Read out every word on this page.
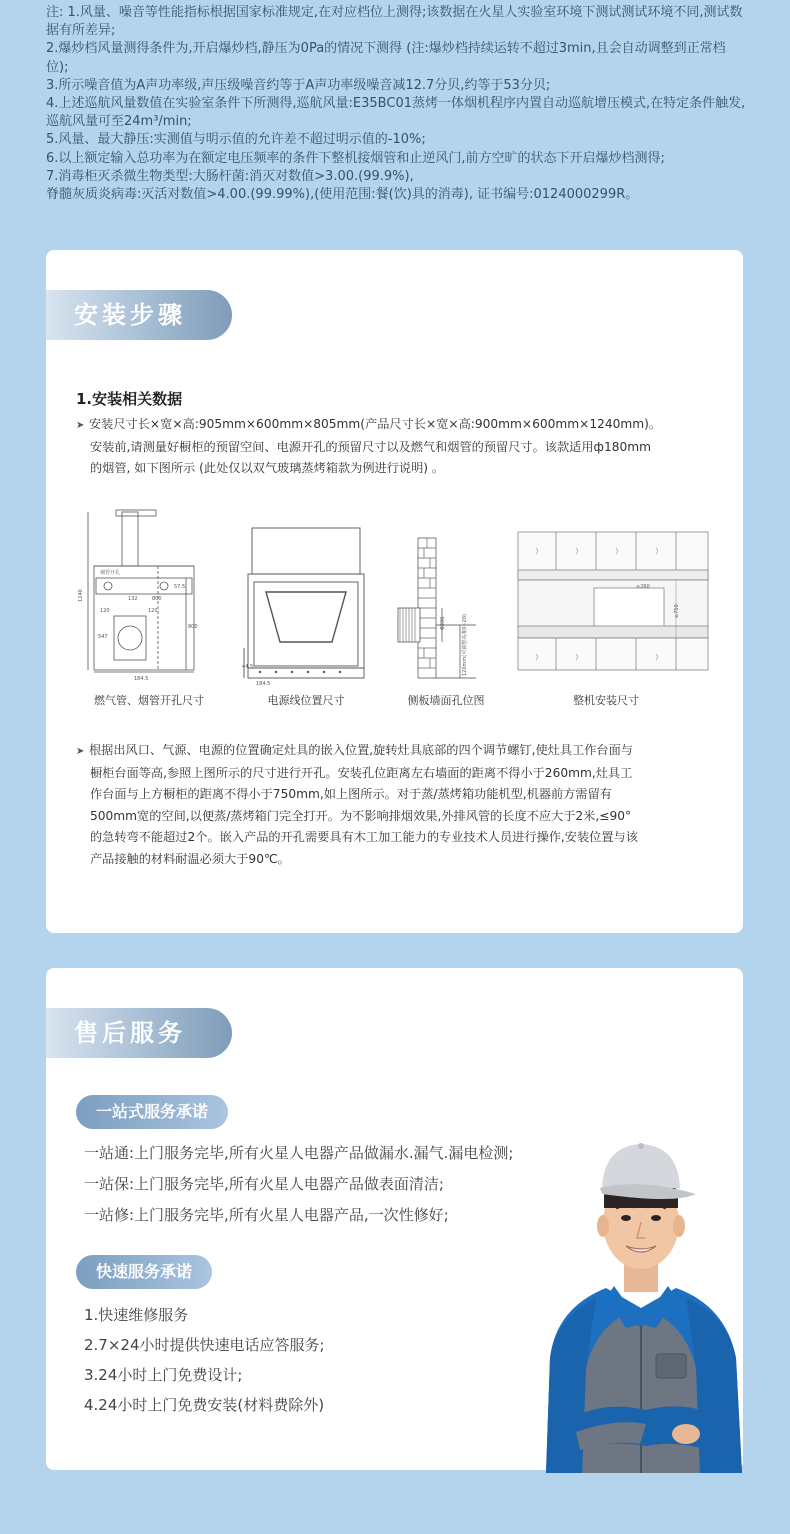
注: 1.风量、噪音等性能指标根据国家标准规定,在对应档位上测得;该数据在火星人实验室环境下测试测试环境不同,测试数据有所差异;

2.爆炒档风量测得条件为,开启爆炒档,静压为0Pa的情况下测得 (注:爆炒档持续运转不超过3min,且会自动调整到正常档位);

3.所示噪音值为A声功率级,声压级噪音约等于A声功率级噪音减12.7分贝,约等于53分贝;

4.上述巡航风量数值在实验室条件下所测得,巡航风量:E35BC01蒸烤一体烟机程序内置自动巡航增压模式,在特定条件触发,巡航风量可至24m³/min;

5.风量、最大静压:实测值与明示值的允许差不超过明示值的-10%;

6.以上额定输入总功率为在额定电压频率的条件下整机接烟管和止逆风门,前方空旷的状态下开启爆炒档测得;

7.消毒柜灭杀微生物类型:大肠杆菌:消灭对数值>3.00.(99.9%),

脊髓灰质炎病毒:灭活对数值>4.00.(99.99%),(使用范围:餐(饮)具的消毒), 证书编号:0124000299R。

安装步骤
1.安装相关数据
➤ 安装尺寸长×宽×高:905mm×600mm×805mm(产品尺寸长×宽×高:900mm×600mm×1240mm)。
安装前,请测量好橱柜的预留空间、电源开孔的预留尺寸以及燃气和烟管的预留尺寸。该款适用ф180mm
的烟管, 如下图所示 (此处仅以双气玻璃蒸烤箱款为例进行说明) 。
1240
烟管开孔
132	800
57.5
120	120
547
800
184.5
44.5
184.5
Φ200	120mm(可调整高度0~20)
≥260
≥750
燃气管、烟管开孔尺寸	电源线位置尺寸	侧板墙面孔位图	整机安装尺寸
➤ 根据出风口、气源、电源的位置确定灶具的嵌入位置,旋转灶具底部的四个调节螺钉,使灶具工作台面与
橱柜台面等高,参照上图所示的尺寸进行开孔。安装孔位距离左右墙面的距离不得小于260mm,灶具工
作台面与上方橱柜的距离不得小于750mm,如上图所示。对于蒸/蒸烤箱功能机型,机器前方需留有
500mm宽的空间,以便蒸/蒸烤箱门完全打开。为不影响排烟效果,外排风管的长度不应大于2米,≤90°
的急转弯不能超过2个。嵌入产品的开孔需要具有木工加工能力的专业技术人员进行操作,安装位置与该
产品接触的材料耐温必须大于90℃。
售后服务
一站式服务承诺
一站通:上门服务完毕,所有火星人电器产品做漏水.漏气.漏电检测;
一站保:上门服务完毕,所有火星人电器产品做表面清洁;
一站修:上门服务完毕,所有火星人电器产品,一次性修好;
快速服务承诺
1.快速维修服务
2.7×24小时提供快速电话应答服务;
3.24小时上门免费设计;
4.24小时上门免费安装(材料费除外)
